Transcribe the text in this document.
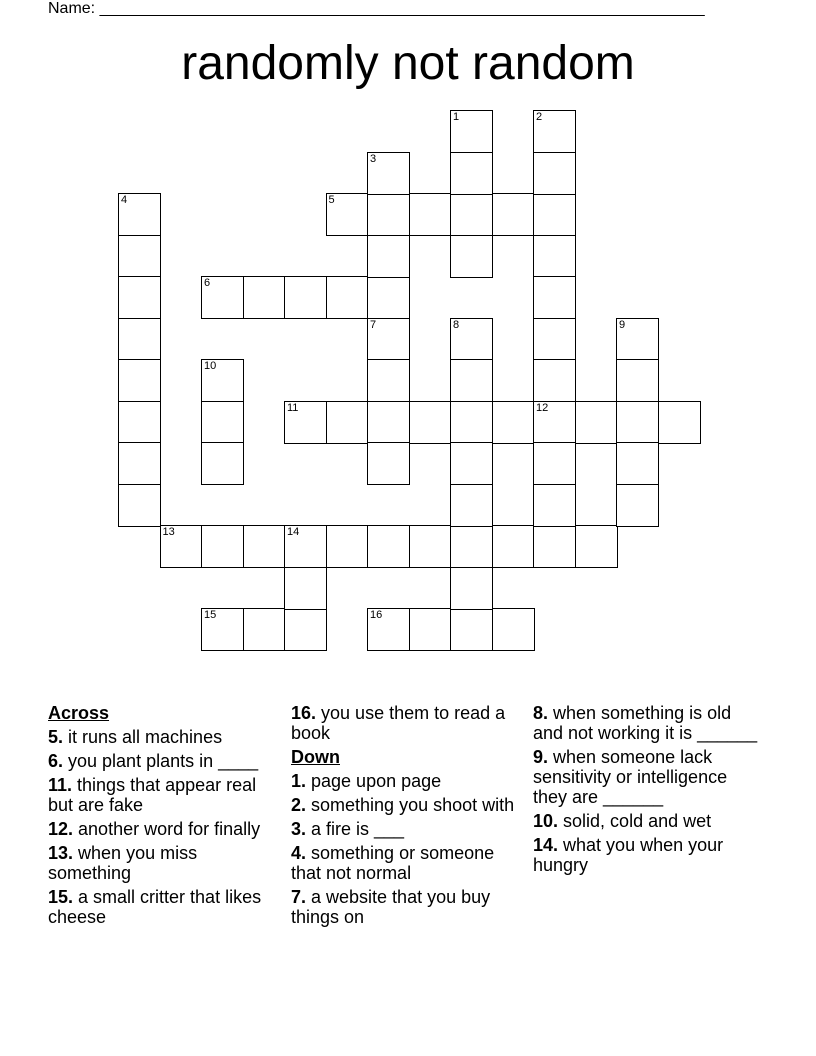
Name: ____________________________________________________________________
randomly not random
5
6
11	12
13	14
15	16
1	2
3
4
7	8	9
10
Across
5. it runs all machines
6. you plant plants in ____
11. things that appear real but are fake
12. another word for finally
13. when you miss something
15. a small critter that likes cheese
16. you use them to read a book
Down
1. page upon page
2. something you shoot with
3. a fire is ___
4. something or someone that not normal
7. a website that you buy things on
8. when something is old and not working it is ______
9. when someone lack sensitivity or intelligence they are ______
10. solid, cold and wet
14. what you when your hungry
